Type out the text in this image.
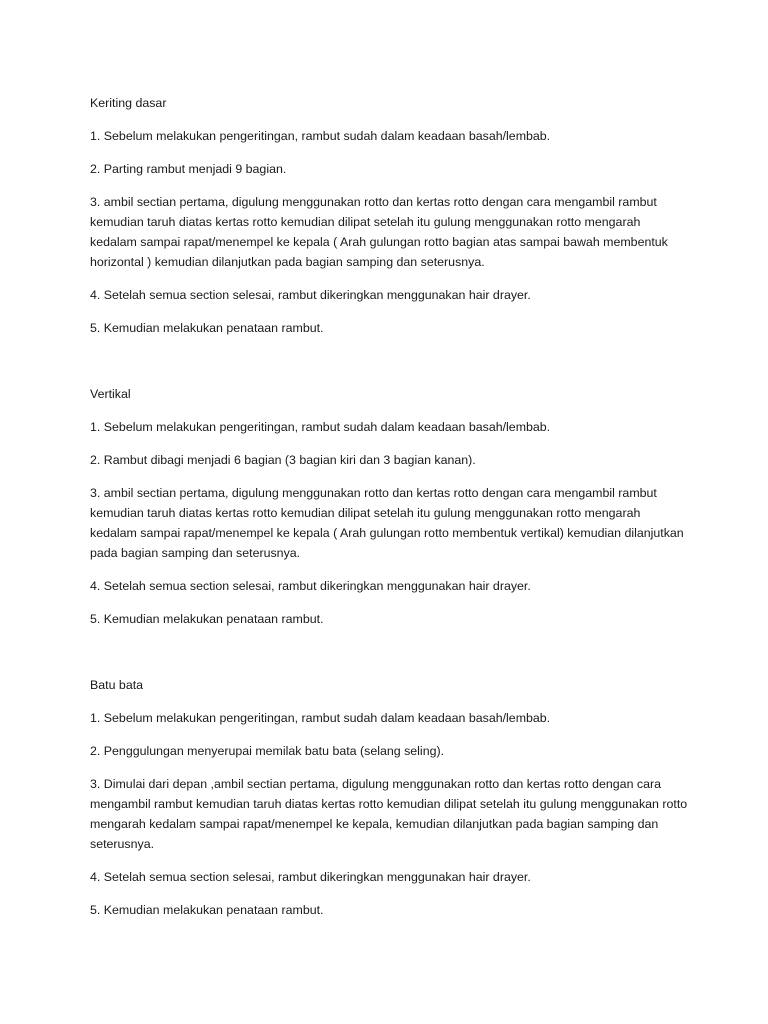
Keriting dasar

1. Sebelum melakukan pengeritingan, rambut sudah dalam keadaan basah/lembab.

2. Parting rambut menjadi 9 bagian.

3. ambil sectian pertama, digulung menggunakan rotto dan kertas rotto dengan cara mengambil rambut kemudian taruh diatas kertas rotto kemudian dilipat setelah itu gulung menggunakan rotto mengarah kedalam sampai rapat/menempel ke kepala ( Arah gulungan rotto bagian atas sampai bawah membentuk horizontal ) kemudian dilanjutkan pada bagian samping dan seterusnya.

4. Setelah semua section selesai, rambut dikeringkan menggunakan hair drayer.

5. Kemudian melakukan penataan rambut.

Vertikal

1. Sebelum melakukan pengeritingan, rambut sudah dalam keadaan basah/lembab.

2. Rambut dibagi menjadi 6 bagian (3 bagian kiri dan 3 bagian kanan).

3. ambil sectian pertama, digulung menggunakan rotto dan kertas rotto dengan cara mengambil rambut kemudian taruh diatas kertas rotto kemudian dilipat setelah itu gulung menggunakan rotto mengarah kedalam sampai rapat/menempel ke kepala ( Arah gulungan rotto membentuk vertikal) kemudian dilanjutkan pada bagian samping dan seterusnya.

4. Setelah semua section selesai, rambut dikeringkan menggunakan hair drayer.

5. Kemudian melakukan penataan rambut.

Batu bata

1. Sebelum melakukan pengeritingan, rambut sudah dalam keadaan basah/lembab.

2. Penggulungan menyerupai memilak batu bata (selang seling).

3. Dimulai dari depan ,ambil sectian pertama, digulung menggunakan rotto dan kertas rotto dengan cara mengambil rambut kemudian taruh diatas kertas rotto kemudian dilipat setelah itu gulung menggunakan rotto mengarah kedalam sampai rapat/menempel ke kepala, kemudian dilanjutkan pada bagian samping dan seterusnya.

4. Setelah semua section selesai, rambut dikeringkan menggunakan hair drayer.

5. Kemudian melakukan penataan rambut.
